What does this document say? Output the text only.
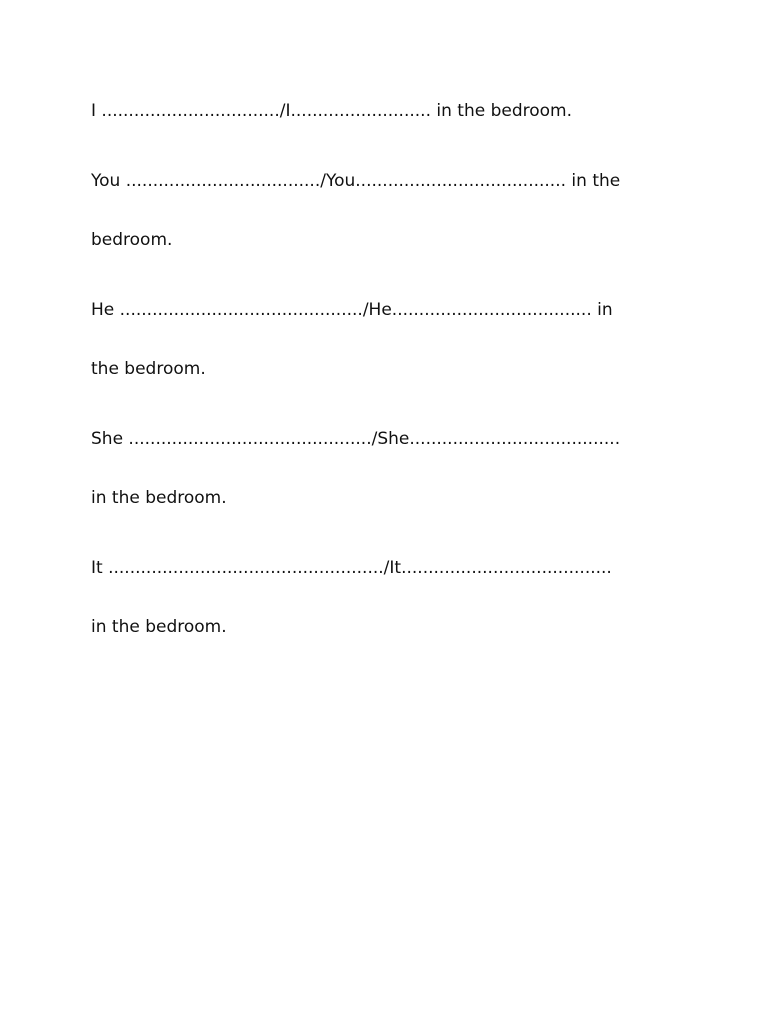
I ................................./I.......................... in the bedroom.
You ..................................../You....................................... in the
bedroom.
He ............................................./He..................................... in
the bedroom.
She ............................................./She.......................................
in the bedroom.
It .................................................../It.......................................
in the bedroom.
